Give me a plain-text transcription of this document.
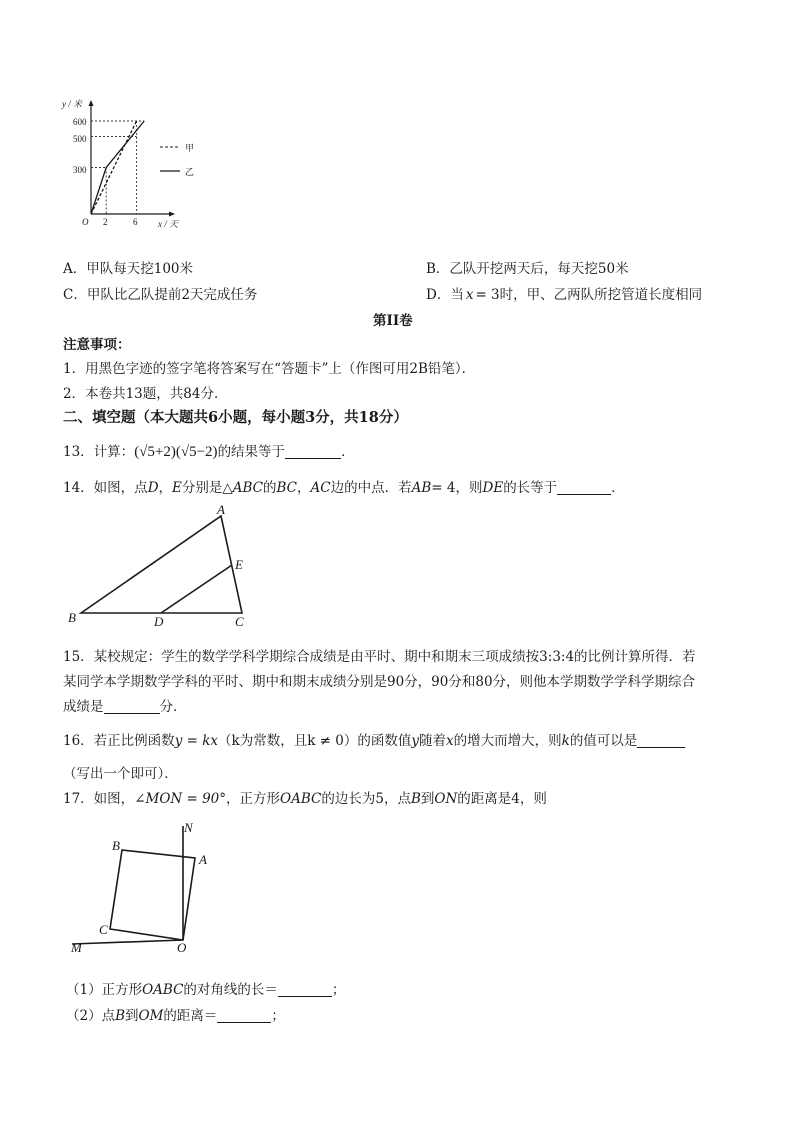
y / 米
600
500
300
O 2	6 x / 天
甲
乙
A．甲队每天挖100米	B．乙队开挖两天后，每天挖50米
C．甲队比乙队提前2天完成任务	D．当 x = 3时，甲、乙两队所挖管道长度相同
第II卷
注意事项：
1．用黑色字迹的签字笔将答案写在“答题卡”上（作图可用2B铅笔）．
2．本卷共13题，共84分．
二、填空题（本大题共6小题，每小题3分，共18分）
13．计算：(√5+2)(√5−2)的结果等于	．
14．如图，点D，E分别是△ABC的BC，AC边的中点．若AB= 4，则DE的长等于	．
A
E
B	D	C
15．某校规定：学生的数学学科学期综合成绩是由平时、期中和期末三项成绩按3:3:4的比例计算所得．若
某同学本学期数学学科的平时、期中和期末成绩分别是90分，90分和80分，则他本学期数学学科学期综合
成绩是	分．
16．若正比例函数y = kx（k为常数，且k ≠ 0）的函数值y随着x的增大而增大，则k的值可以是
（写出一个即可）．
17．如图，∠MON = 90°，正方形OABC的边长为5，点B到ON的距离是4，则
N
B
A
C
M	O
（1）正方形OABC的对角线的长＝	；
（2）点B到OM的距离＝	；
